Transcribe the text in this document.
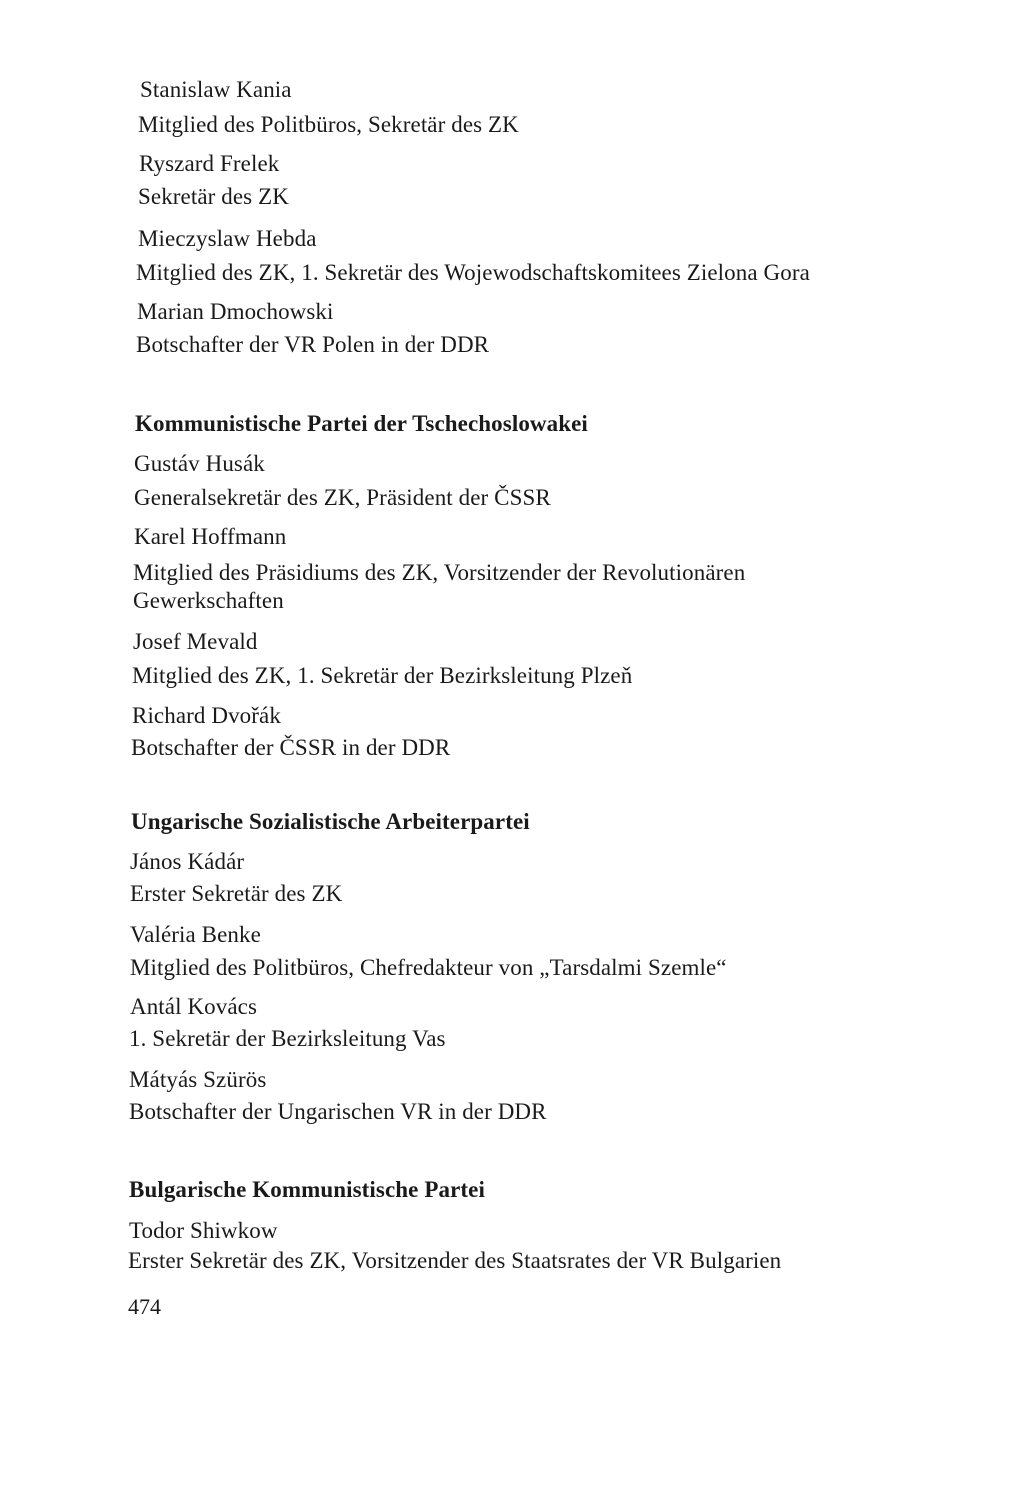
Stanislaw Kania
Mitglied des Politbüros, Sekretär des ZK
Ryszard Frelek
Sekretär des ZK
Mieczyslaw Hebda
Mitglied des ZK, 1. Sekretär des Wojewodschaftskomitees Zielona Gora
Marian Dmochowski
Botschafter der VR Polen in der DDR
Kommunistische Partei der Tschechoslowakei
Gustáv Husák
Generalsekretär des ZK, Präsident der ČSSR
Karel Hoffmann
Mitglied des Präsidiums des ZK, Vorsitzender der Revolutionären
Gewerkschaften
Josef Mevald
Mitglied des ZK, 1. Sekretär der Bezirksleitung Plzeň
Richard Dvořák
Botschafter der ČSSR in der DDR
Ungarische Sozialistische Arbeiterpartei
János Kádár
Erster Sekretär des ZK
Valéria Benke
Mitglied des Politbüros, Chefredakteur von „Tarsdalmi Szemle“
Antál Kovács
1. Sekretär der Bezirksleitung Vas
Mátyás Szürös
Botschafter der Ungarischen VR in der DDR
Bulgarische Kommunistische Partei
Todor Shiwkow
Erster Sekretär des ZK, Vorsitzender des Staatsrates der VR Bulgarien
474
